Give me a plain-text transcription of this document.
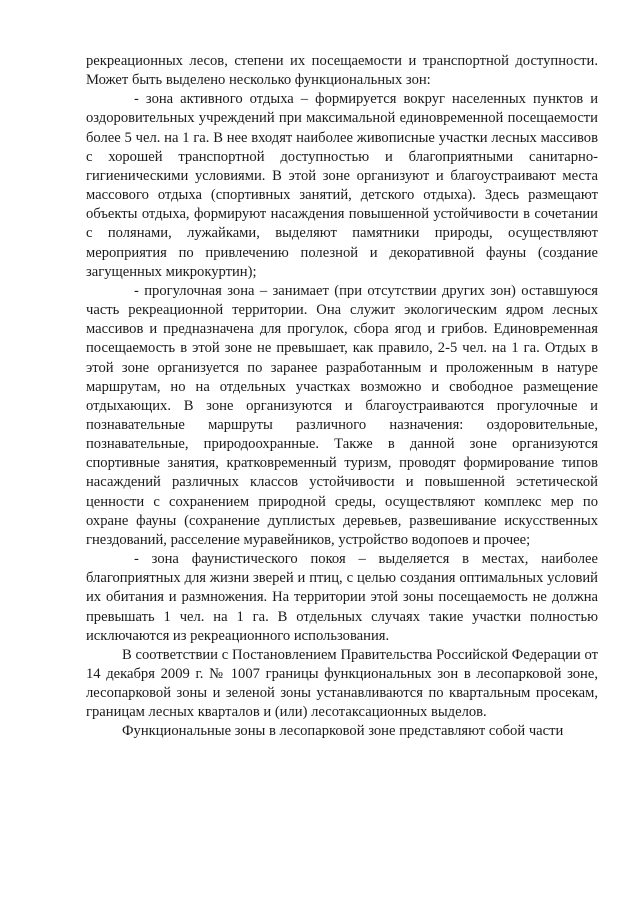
рекреационных лесов, степени их посещаемости и транспортной доступности. Может быть выделено несколько функциональных зон:

- зона активного отдыха – формируется вокруг населенных пунктов и оздоровительных учреждений при максимальной единовременной посещаемости более 5 чел. на 1 га. В нее входят наиболее живописные участки лесных массивов с хорошей транспортной доступностью и благоприятными санитарно-гигиеническими условиями. В этой зоне организуют и благоустраивают места массового отдыха (спортивных занятий, детского отдыха). Здесь размещают объекты отдыха, формируют насаждения повышенной устойчивости в сочетании с полянами, лужайками, выделяют памятники природы, осуществляют мероприятия по привлечению полезной и декоративной фауны (создание загущенных микрокуртин);

- прогулочная зона – занимает (при отсутствии других зон) оставшуюся часть рекреационной территории. Она служит экологическим ядром лесных массивов и предназначена для прогулок, сбора ягод и грибов. Единовременная посещаемость в этой зоне не превышает, как правило, 2-5 чел. на 1 га. Отдых в этой зоне организуется по заранее разработанным и проложенным в натуре маршрутам, но на отдельных участках возможно и свободное размещение отдыхающих. В зоне организуются и благоустраиваются прогулочные и познавательные маршруты различного назначения: оздоровительные, познавательные, природоохранные. Также в данной зоне организуются спортивные занятия, кратковременный туризм, проводят формирование типов насаждений различных классов устойчивости и повышенной эстетической ценности с сохранением природной среды, осуществляют комплекс мер по охране фауны (сохранение дуплистых деревьев, развешивание искусственных гнездований, расселение муравейников, устройство водопоев и прочее;

- зона фаунистического покоя – выделяется в местах, наиболее благоприятных для жизни зверей и птиц, с целью создания оптимальных условий их обитания и размножения. На территории этой зоны посещаемость не должна превышать 1 чел. на 1 га. В отдельных случаях такие участки полностью исключаются из рекреационного использования.

В соответствии с Постановлением Правительства Российской Федерации от 14 декабря 2009 г. № 1007 границы функциональных зон в лесопарковой зоне, лесопарковой зоны и зеленой зоны устанавливаются по квартальным просекам, границам лесных кварталов и (или) лесотаксационных выделов.

Функциональные зоны в лесопарковой зоне представляют собой части
